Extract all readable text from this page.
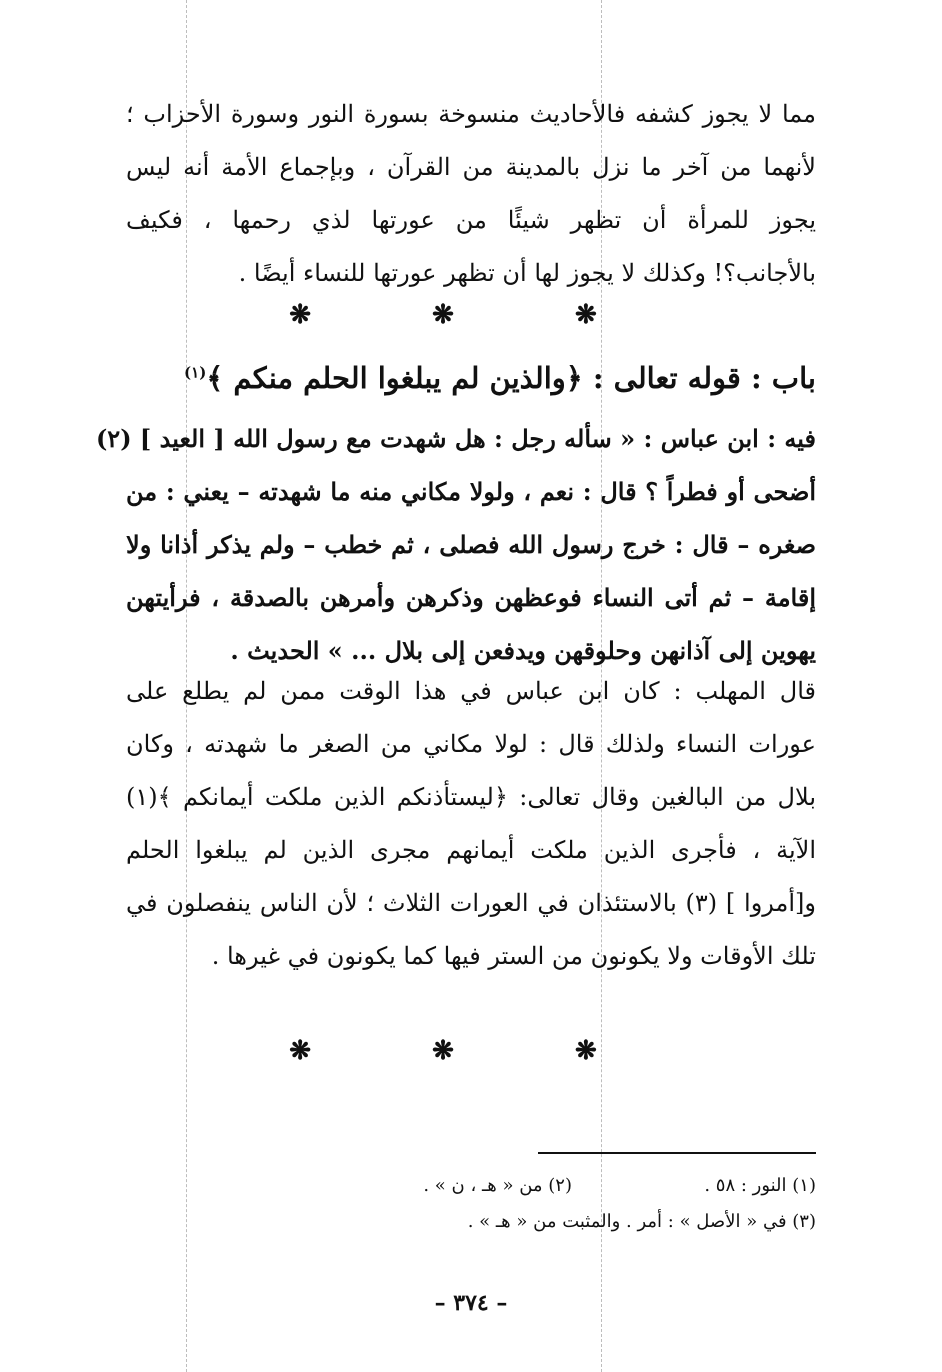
مما لا يجوز كشفه فالأحاديث منسوخة بسورة النور وسورة الأحزاب ؛
لأنهما من آخر ما نزل بالمدينة من القرآن ، وبإجماع الأمة أنه ليس
يجوز للمرأة أن تظهر شيئًا من عورتها لذي رحمها ، فكيف
بالأجانب؟! وكذلك لا يجوز لها أن تظهر عورتها للنساء أيضًا .
❋ ❋ ❋
باب : قوله تعالى : ﴿والذين لم يبلغوا الحلم منكم ﴾$^{(١)}$
فيه : ابن عباس : « سأله رجل : هل شهدت مع رسول الله [ العيد ] (٢)
أضحى أو فطراً ؟ قال : نعم ، ولولا مكاني منه ما شهدته – يعني : من
صغره – قال : خرج رسول الله فصلى ، ثم خطب – ولم يذكر أذانا ولا
إقامة – ثم أتى النساء فوعظهن وذكرهن وأمرهن بالصدقة ، فرأيتهن
يهوين إلى آذانهن وحلوقهن ويدفعن إلى بلال ... » الحديث .
قال المهلب : كان ابن عباس في هذا الوقت ممن لم يطلع على
عورات النساء ولذلك قال : لولا مكاني من الصغر ما شهدته ، وكان
بلال من البالغين وقال تعالى: ﴿ليستأذنكم الذين ملكت أيمانكم ﴾(١)
الآية ، فأجرى الذين ملكت أيمانهم مجرى الذين لم يبلغوا الحلم
و[أمروا ] (٣) بالاستئذان في العورات الثلاث ؛ لأن الناس ينفصلون في
تلك الأوقات ولا يكونون من الستر فيها كما يكونون في غيرها .
❋ ❋ ❋
(١) النور : ٥٨ .
(٢) من « هـ ، ن » .
(٣) في « الأصل » : أمر . والمثبت من « هـ » .
– ٣٧٤ –
